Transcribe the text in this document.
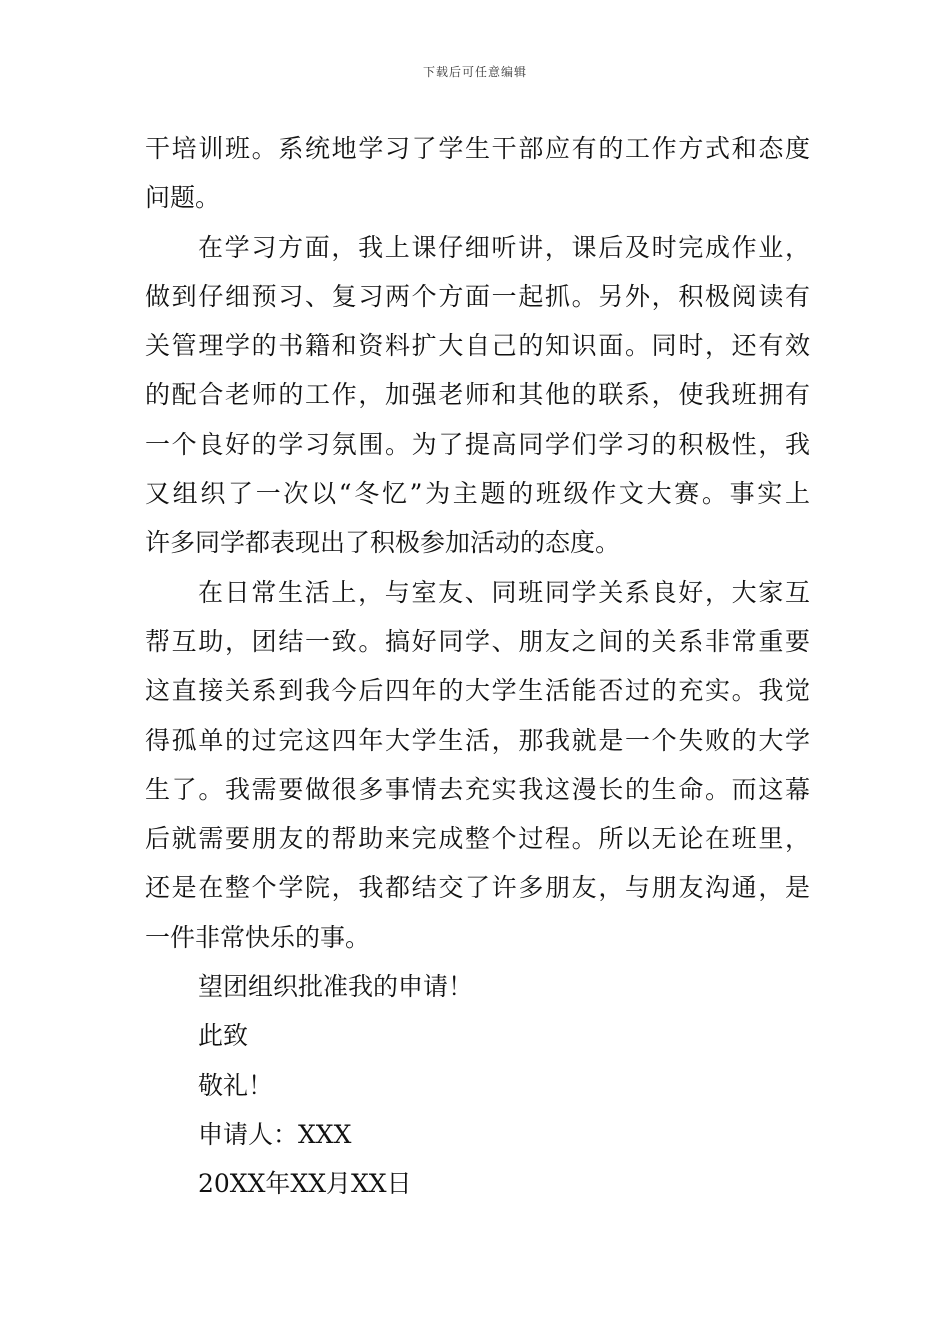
下载后可任意编辑
干培训班。系统地学习了学生干部应有的工作方式和态度
问题。
在学习方面，我上课仔细听讲，课后及时完成作业，
做到仔细预习、复习两个方面一起抓。另外，积极阅读有
关管理学的书籍和资料扩大自己的知识面。同时，还有效
的配合老师的工作，加强老师和其他的联系，使我班拥有
一个良好的学习氛围。为了提高同学们学习的积极性，我
又组织了一次以“冬忆”为主题的班级作文大赛。事实上
许多同学都表现出了积极参加活动的态度。
在日常生活上，与室友、同班同学关系良好，大家互
帮互助，团结一致。搞好同学、朋友之间的关系非常重要
这直接关系到我今后四年的大学生活能否过的充实。我觉
得孤单的过完这四年大学生活，那我就是一个失败的大学
生了。我需要做很多事情去充实我这漫长的生命。而这幕
后就需要朋友的帮助来完成整个过程。所以无论在班里，
还是在整个学院，我都结交了许多朋友，与朋友沟通，是
一件非常快乐的事。
望团组织批准我的申请！
此致
敬礼！
申请人：XXX
20XX年XX月XX日
